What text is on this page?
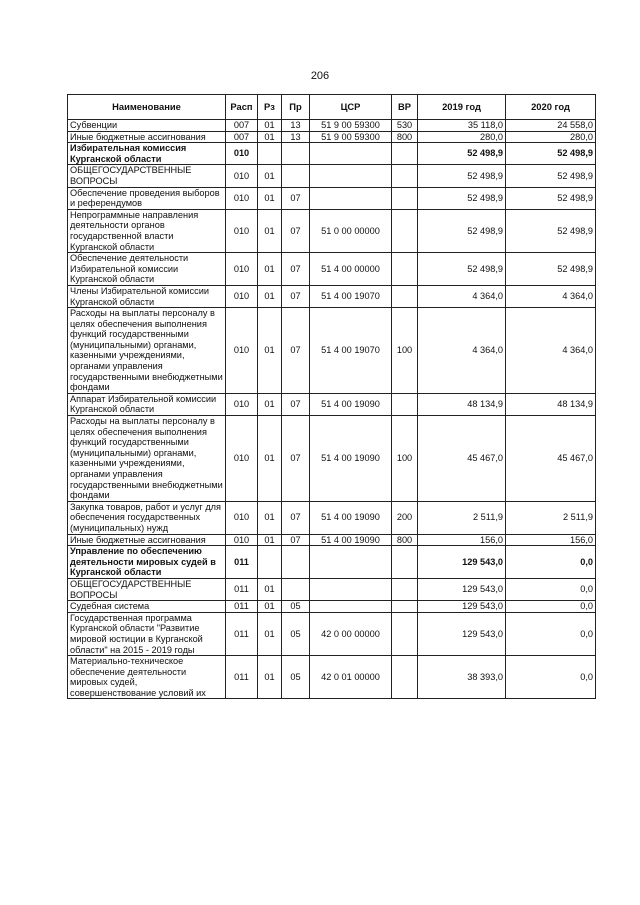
206
Наименование	Расп	Рз	Пр	ЦСР	ВР	2019 год	2020 год
Субвенции	007	01	13	51 9 00 59300	530	35 118,0	24 558,0
Иные бюджетные ассигнования	007	01	13	51 9 00 59300	800	280,0	280,0
Избирательная комиссия Курганской области	010					52 498,9	52 498,9
ОБЩЕГОСУДАРСТВЕННЫЕ ВОПРОСЫ	010	01				52 498,9	52 498,9
Обеспечение проведения выборов и референдумов	010	01	07			52 498,9	52 498,9
Непрограммные направления деятельности органов государственной власти Курганской области	010	01	07	51 0 00 00000		52 498,9	52 498,9
Обеспечение деятельности Избирательной комиссии Курганской области	010	01	07	51 4 00 00000		52 498,9	52 498,9
Члены Избирательной комиссии Курганской области	010	01	07	51 4 00 19070		4 364,0	4 364,0
Расходы на выплаты персоналу в целях обеспечения выполнения функций государственными (муниципальными) органами, казенными учреждениями, органами управления государственными внебюджетными фондами	010	01	07	51 4 00 19070	100	4 364,0	4 364,0
Аппарат Избирательной комиссии Курганской области	010	01	07	51 4 00 19090		48 134,9	48 134,9
Расходы на выплаты персоналу в целях обеспечения выполнения функций государственными (муниципальными) органами, казенными учреждениями, органами управления государственными внебюджетными фондами	010	01	07	51 4 00 19090	100	45 467,0	45 467,0
Закупка товаров, работ и услуг для обеспечения государственных (муниципальных) нужд	010	01	07	51 4 00 19090	200	2 511,9	2 511,9
Иные бюджетные ассигнования	010	01	07	51 4 00 19090	800	156,0	156,0
Управление по обеспечению деятельности мировых судей в Курганской области	011					129 543,0	0,0
ОБЩЕГОСУДАРСТВЕННЫЕ ВОПРОСЫ	011	01				129 543,0	0,0
Судебная система	011	01	05			129 543,0	0,0
Государственная программа Курганской области "Развитие мировой юстиции в Курганской области" на 2015 - 2019 годы	011	01	05	42 0 00 00000		129 543,0	0,0
Материально-техническое обеспечение деятельности мировых судей, совершенствование условий их	011	01	05	42 0 01 00000		38 393,0	0,0
